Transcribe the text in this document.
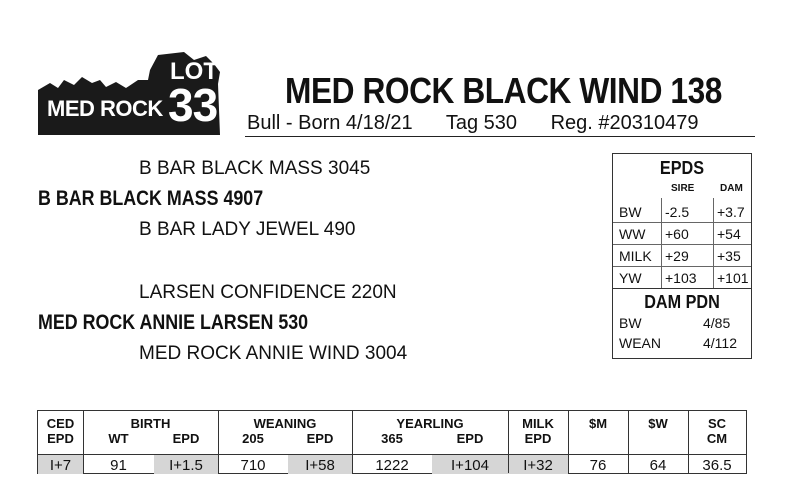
MED ROCK
LOT
33 MED ROCK BLACK WIND 138
Bull - Born 4/18/21 Tag 530 Reg. #20310479
B BAR BLACK MASS 3045
B BAR BLACK MASS 4907
B BAR LADY JEWEL 490
LARSEN CONFIDENCE 220N
MED ROCK ANNIE LARSEN 530
MED ROCK ANNIE WIND 3004
EPDS
SIRE	DAM
BW -2.5 +3.7
WW +60 +54
MILK +29 +35
YW +103 +101
DAM PDN
BW	4/85
WEAN	4/112
CED	BIRTH	WEANING	YEARLING	MILK	$M	$W	SC
EPD	WT	EPD	205	EPD	365	EPD	EPD	CM
I+7	91	I+1.5	710	I+58	1222	I+104	I+32	76	64	36.5
